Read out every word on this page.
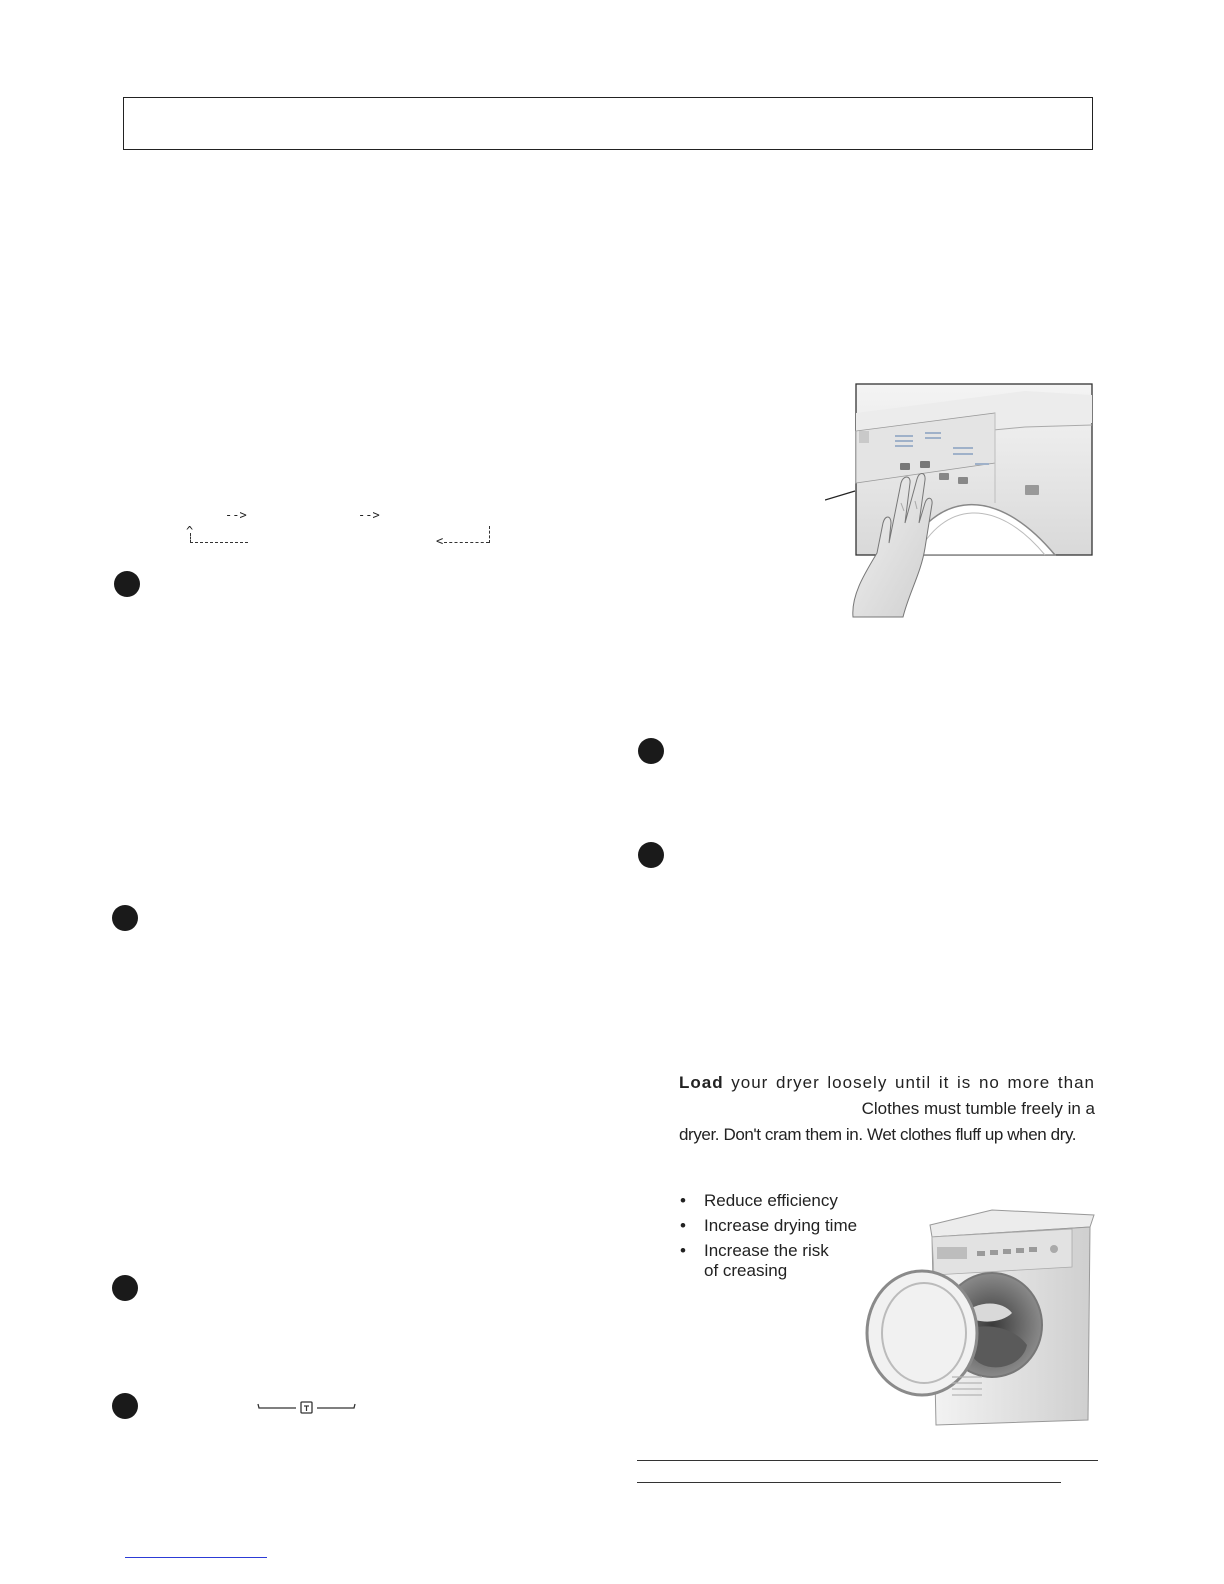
-->	-->
^
<
Load your dryer loosely until it is no more than
Clothes must tumble freely in a
dryer. Don't cram them in. Wet clothes fluff up when dry.
• Reduce efficiency
• Increase drying time
• Increase the risk
of creasing
